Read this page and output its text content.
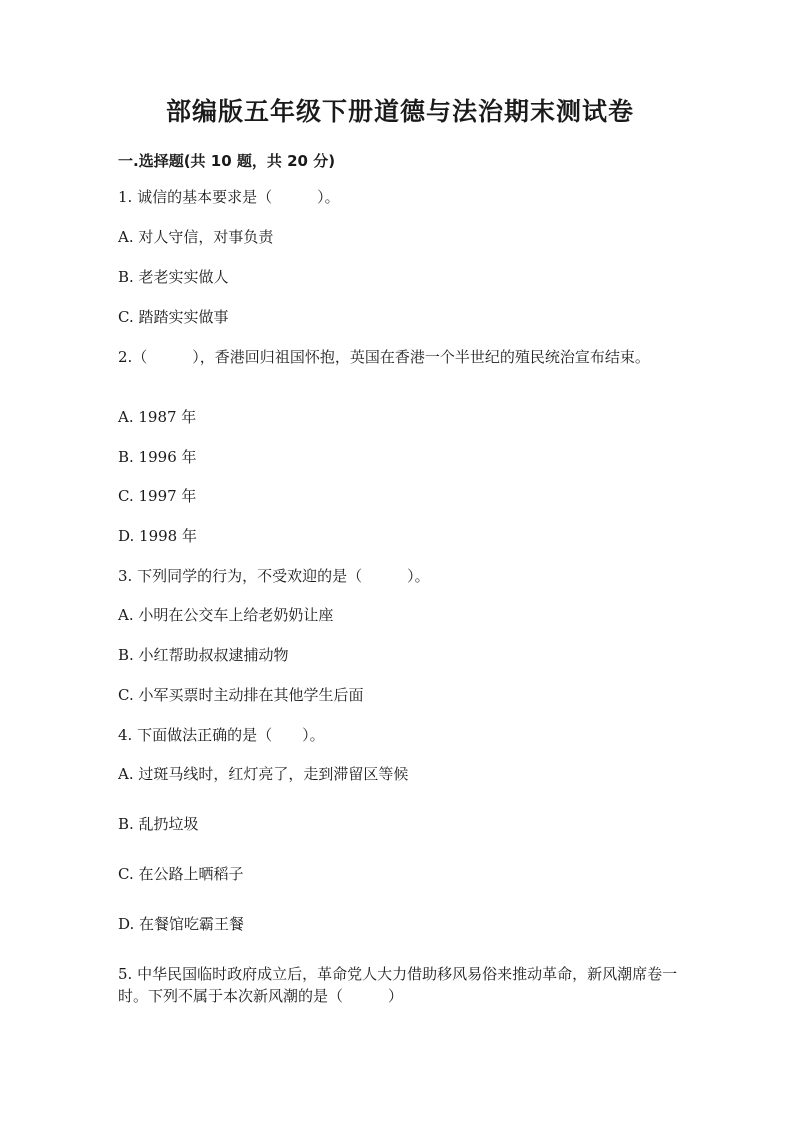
部编版五年级下册道德与法治期末测试卷

一.选择题(共 10 题，共 20 分)

1. 诚信的基本要求是（　　　）。

A. 对人守信，对事负责

B. 老老实实做人

C. 踏踏实实做事

2.（　　　），香港回归祖国怀抱，英国在香港一个半世纪的殖民统治宣布结束。

A. 1987 年

B. 1996 年

C. 1997 年

D. 1998 年

3. 下列同学的行为，不受欢迎的是（　　　）。

A. 小明在公交车上给老奶奶让座

B. 小红帮助叔叔逮捕动物

C. 小军买票时主动排在其他学生后面

4. 下面做法正确的是（　　）。

A. 过斑马线时，红灯亮了，走到滞留区等候

B. 乱扔垃圾

C. 在公路上晒稻子

D. 在餐馆吃霸王餐

5. 中华民国临时政府成立后，革命党人大力借助移风易俗来推动革命，新风潮席卷一时。下列不属于本次新风潮的是（　　　）
